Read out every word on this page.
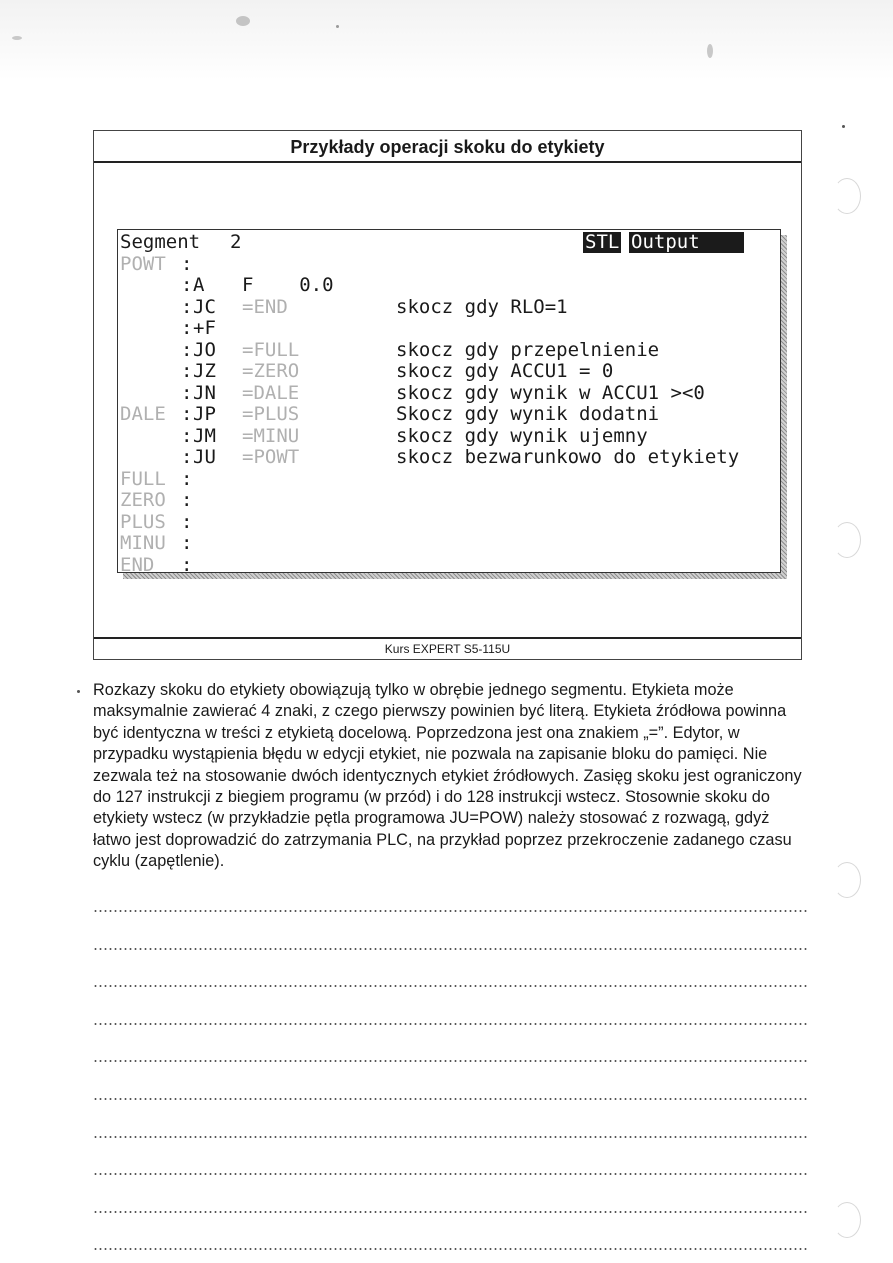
Przykłady operacji skoku do etykiety
Segment 2	STL Output
POWT :
: A F    0.0
: JC =END	skocz gdy RLO=1
: +F
: JO =FULL	skocz gdy przepelnienie
: JZ =ZERO	skocz gdy ACCU1 = 0
: JN =DALE	skocz gdy wynik w ACCU1 ><0
DALE : JP =PLUS	Skocz gdy wynik dodatni
: JM =MINU	skocz gdy wynik ujemny
: JU =POWT	skocz bezwarunkowo do etykiety
FULL :
ZERO :
PLUS :
MINU :
END :
Kurs EXPERT S5-115U
Rozkazy skoku do etykiety obowiązują tylko w obrębie jednego segmentu. Etykieta może maksymalnie zawierać 4 znaki, z czego pierwszy powinien być literą. Etykieta źródłowa powinna być identyczna w treści z etykietą docelową. Poprzedzona jest ona znakiem „=”. Edytor, w przypadku wystąpienia błędu w edycji etykiet, nie pozwala na zapisanie bloku do pamięci. Nie zezwala też na stosowanie dwóch identycznych etykiet źródłowych. Zasięg skoku jest ograniczony do 127 instrukcji z biegiem programu (w przód) i do 128 instrukcji wstecz. Stosownie skoku do etykiety wstecz (w przykładzie pętla programowa JU=POW) należy stosować z rozwagą, gdyż łatwo jest doprowadzić do zatrzymania PLC, na przykład poprzez przekroczenie zadanego czasu cyklu (zapętlenie).
